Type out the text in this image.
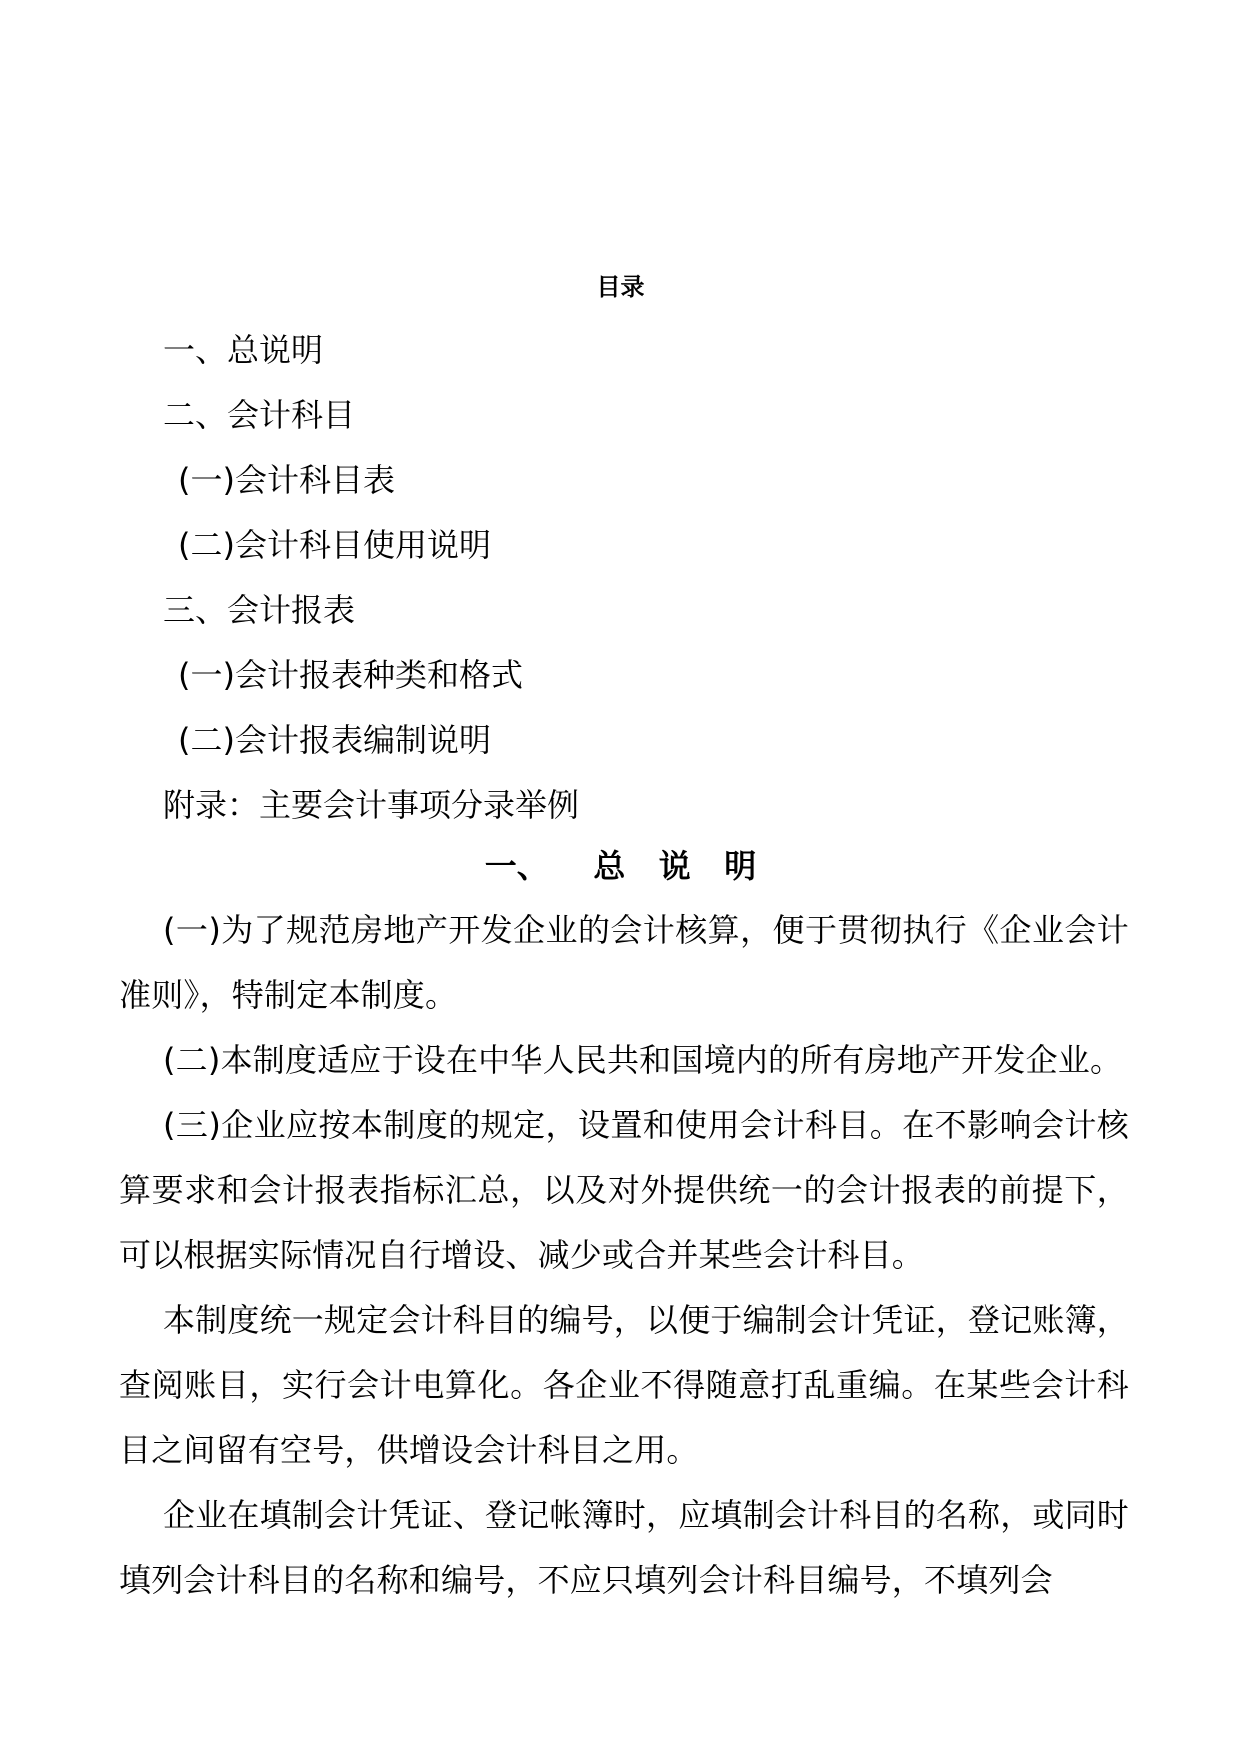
目录
一、总说明
二、会计科目
(一)会计科目表
(二)会计科目使用说明
三、会计报表
(一)会计报表种类和格式
(二)会计报表编制说明
附录：主要会计事项分录举例
一、    总   说   明

(一)为了规范房地产开发企业的会计核算，便于贯彻执行《企业会计准则》，特制定本制度。

(二)本制度适应于设在中华人民共和国境内的所有房地产开发企业。

(三)企业应按本制度的规定，设置和使用会计科目。在不影响会计核算要求和会计报表指标汇总，以及对外提供统一的会计报表的前提下，可以根据实际情况自行增设、减少或合并某些会计科目。

本制度统一规定会计科目的编号，以便于编制会计凭证，登记账簿，查阅账目，实行会计电算化。各企业不得随意打乱重编。在某些会计科目之间留有空号，供增设会计科目之用。

企业在填制会计凭证、登记帐簿时，应填制会计科目的名称，或同时填列会计科目的名称和编号，不应只填列会计科目编号，不填列会
